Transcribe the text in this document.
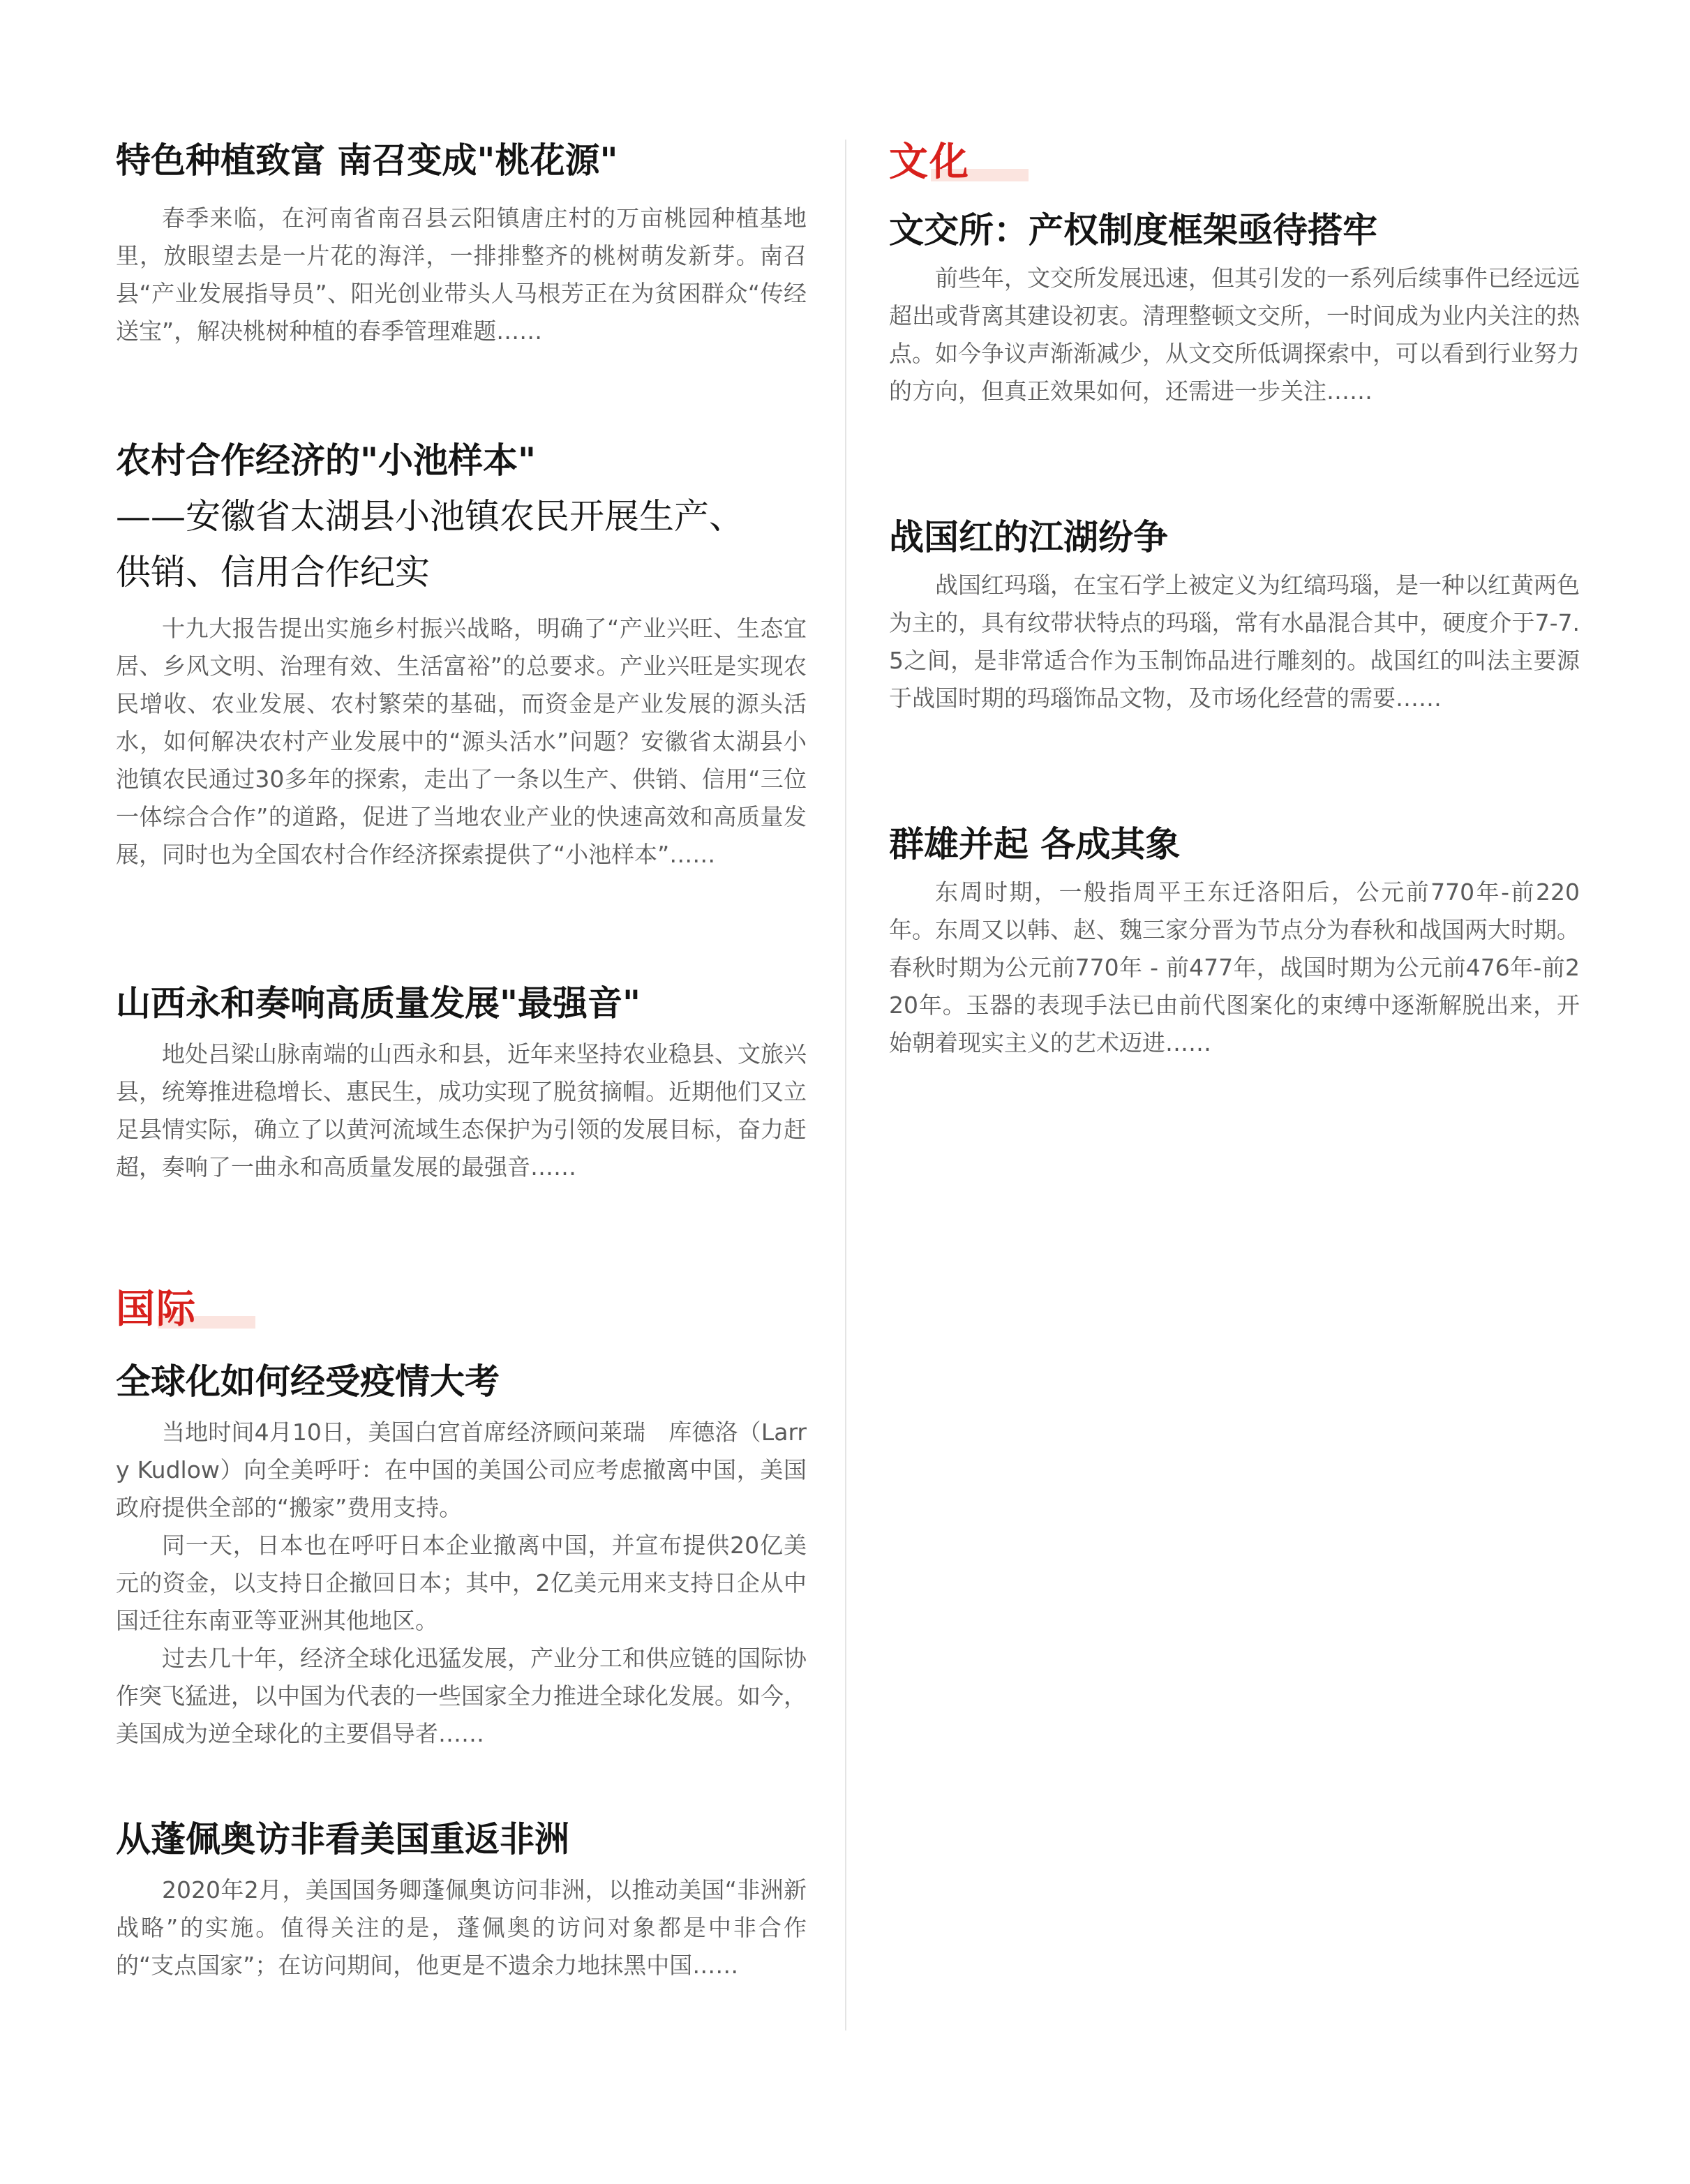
特色种植致富 南召变成"桃花源"

春季来临，在河南省南召县云阳镇唐庄村的万亩桃园种植基地里，放眼望去是一片花的海洋，一排排整齐的桃树萌发新芽。南召县“产业发展指导员”、阳光创业带头人马根芳正在为贫困群众“传经送宝”，解决桃树种植的春季管理难题……

农村合作经济的"小池样本"
——安徽省太湖县小池镇农民开展生产、
供销、信用合作纪实

十九大报告提出实施乡村振兴战略，明确了“产业兴旺、生态宜居、乡风文明、治理有效、生活富裕”的总要求。产业兴旺是实现农民增收、农业发展、农村繁荣的基础，而资金是产业发展的源头活水，如何解决农村产业发展中的“源头活水”问题？安徽省太湖县小池镇农民通过30多年的探索，走出了一条以生产、供销、信用“三位一体综合合作”的道路，促进了当地农业产业的快速高效和高质量发展，同时也为全国农村合作经济探索提供了“小池样本”……

山西永和奏响高质量发展"最强音"

地处吕梁山脉南端的山西永和县，近年来坚持农业稳县、文旅兴县，统筹推进稳增长、惠民生，成功实现了脱贫摘帽。近期他们又立足县情实际，确立了以黄河流域生态保护为引领的发展目标，奋力赶超，奏响了一曲永和高质量发展的最强音……

国际
全球化如何经受疫情大考

当地时间4月10日，美国白宫首席经济顾问莱瑞　库德洛（Larry Kudlow）向全美呼吁：在中国的美国公司应考虑撤离中国，美国政府提供全部的“搬家”费用支持。

同一天，日本也在呼吁日本企业撤离中国，并宣布提供20亿美元的资金，以支持日企撤回日本；其中，2亿美元用来支持日企从中国迁往东南亚等亚洲其他地区。

过去几十年，经济全球化迅猛发展，产业分工和供应链的国际协作突飞猛进，以中国为代表的一些国家全力推进全球化发展。如今，美国成为逆全球化的主要倡导者……

从蓬佩奥访非看美国重返非洲

2020年2月，美国国务卿蓬佩奥访问非洲，以推动美国“非洲新战略”的实施。值得关注的是，蓬佩奥的访问对象都是中非合作的“支点国家”；在访问期间，他更是不遗余力地抹黑中国……

文化
文交所：产权制度框架亟待搭牢

前些年，文交所发展迅速，但其引发的一系列后续事件已经远远超出或背离其建设初衷。清理整顿文交所，一时间成为业内关注的热点。如今争议声渐渐减少，从文交所低调探索中，可以看到行业努力的方向，但真正效果如何，还需进一步关注……

战国红的江湖纷争

战国红玛瑙，在宝石学上被定义为红缟玛瑙，是一种以红黄两色为主的，具有纹带状特点的玛瑙，常有水晶混合其中，硬度介于7-7.5之间，是非常适合作为玉制饰品进行雕刻的。战国红的叫法主要源于战国时期的玛瑙饰品文物，及市场化经营的需要……

群雄并起 各成其象

东周时期，一般指周平王东迁洛阳后，公元前770年-前220年。东周又以韩、赵、魏三家分晋为节点分为春秋和战国两大时期。春秋时期为公元前770年 - 前477年，战国时期为公元前476年-前220年。玉器的表现手法已由前代图案化的束缚中逐渐解脱出来，开始朝着现实主义的艺术迈进……
